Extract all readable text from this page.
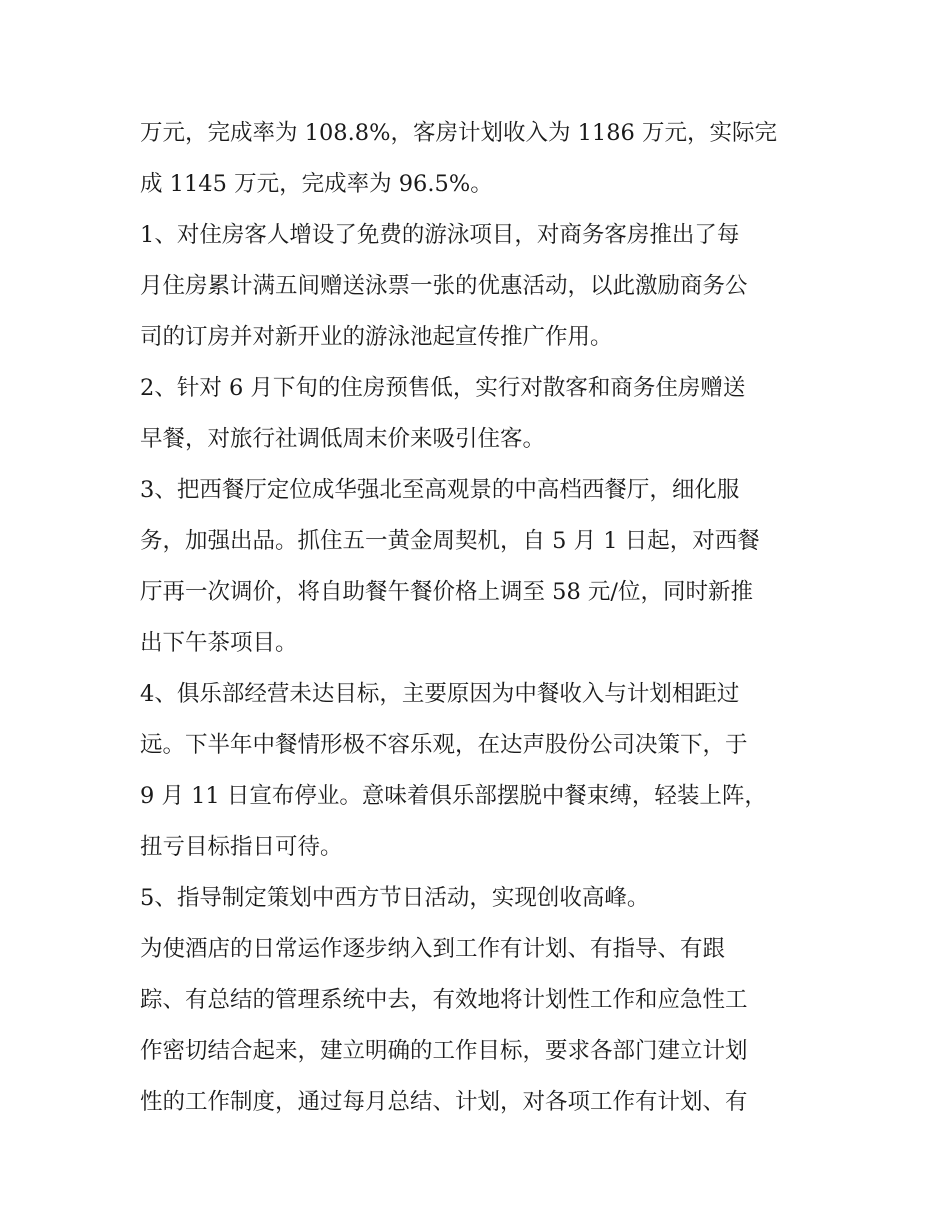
万元，完成率为 108.8%，客房计划收入为 1186 万元，实际完
成 1145 万元，完成率为 96.5%。
1、对住房客人增设了免费的游泳项目，对商务客房推出了每
月住房累计满五间赠送泳票一张的优惠活动，以此激励商务公
司的订房并对新开业的游泳池起宣传推广作用。
2、针对 6 月下旬的住房预售低，实行对散客和商务住房赠送
早餐，对旅行社调低周末价来吸引住客。
3、把西餐厅定位成华强北至高观景的中高档西餐厅，细化服
务，加强出品。抓住五一黄金周契机，自 5 月 1 日起，对西餐
厅再一次调价，将自助餐午餐价格上调至 58 元/位，同时新推
出下午茶项目。
4、俱乐部经营未达目标，主要原因为中餐收入与计划相距过
远。下半年中餐情形极不容乐观，在达声股份公司决策下，于
9 月 11 日宣布停业。意味着俱乐部摆脱中餐束缚，轻装上阵，
扭亏目标指日可待。
5、指导制定策划中西方节日活动，实现创收高峰。
为使酒店的日常运作逐步纳入到工作有计划、有指导、有跟
踪、有总结的管理系统中去，有效地将计划性工作和应急性工
作密切结合起来，建立明确的工作目标，要求各部门建立计划
性的工作制度，通过每月总结、计划，对各项工作有计划、有
